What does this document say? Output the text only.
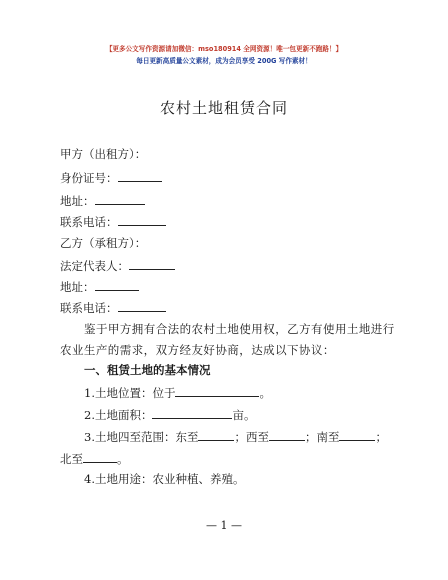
【更多公文写作资源请加微信：mso180914 全网资源！唯一包更新不跑路！】
每日更新高质量公文素材，成为会员享受 200G 写作素材！
农村土地租赁合同
甲方（出租方）：
身份证号：
地址：
联系电话：
乙方（承租方）：
法定代表人：
地址：
联系电话：
鉴于甲方拥有合法的农村土地使用权，乙方有使用土地进行
农业生产的需求，双方经友好协商，达成以下协议：
一、租赁土地的基本情况
1.土地位置：位于	。
2.土地面积：	亩。
3.土地四至范围：东至	；西至	；南至	；
北至	。
4.土地用途：农业种植、养殖。
— 1 —
